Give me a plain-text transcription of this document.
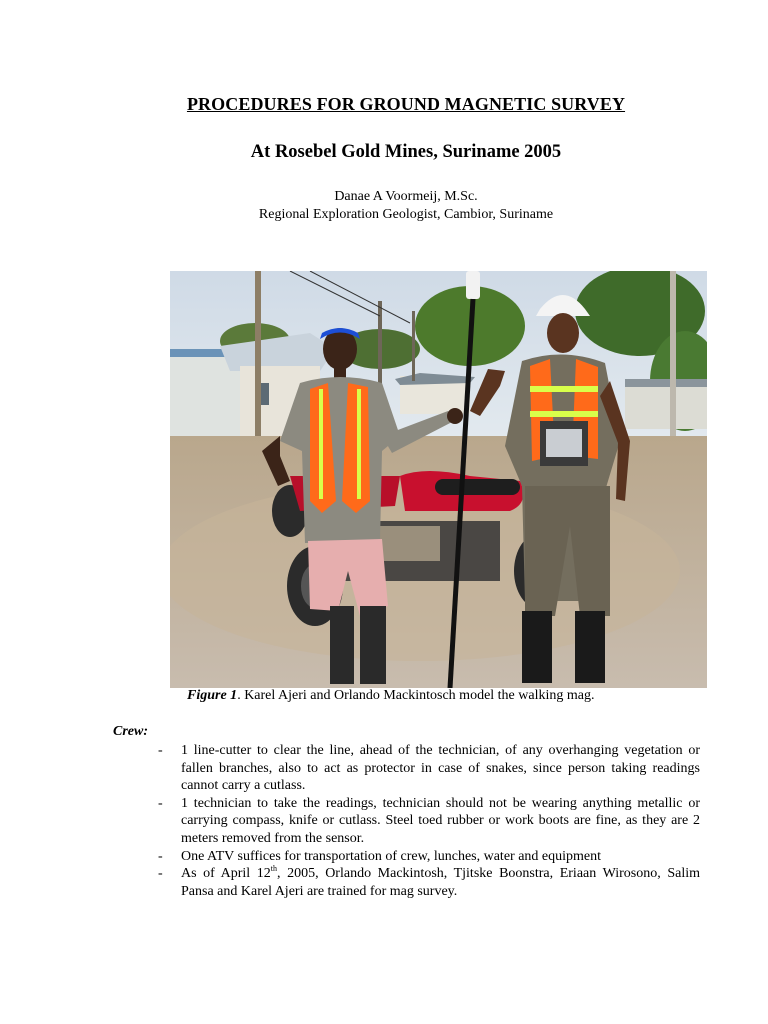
PROCEDURES FOR GROUND MAGNETIC SURVEY
At Rosebel Gold Mines, Suriname 2005

Danae A Voormeij, M.Sc.

Regional Exploration Geologist, Cambior, Suriname

Figure 1. Karel Ajeri and Orlando Mackintosch model the walking mag.

Crew:

- 1 line-cutter to clear the line, ahead of the technician, of any overhanging vegetation or fallen branches, also to act as protector in case of snakes, since person taking readings cannot carry a cutlass.
- 1 technician to take the readings, technician should not be wearing anything metallic or carrying compass, knife or cutlass. Steel toed rubber or work boots are fine, as they are 2 meters removed from the sensor.
- One ATV suffices for transportation of crew, lunches, water and equipment
- As of April 12th, 2005, Orlando Mackintosh, Tjitske Boonstra, Eriaan Wirosono, Salim Pansa and Karel Ajeri are trained for mag survey.
